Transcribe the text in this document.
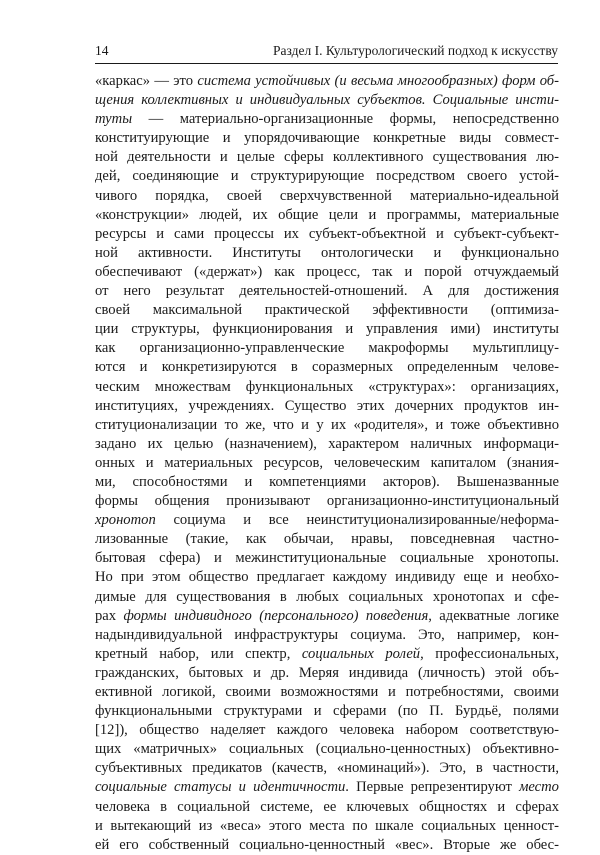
14	Раздел I. Культурологический подход к искусству
«каркас» — это система устойчивых (и весьма многообразных) форм об-
щения коллективных и индивидуальных субъектов. Социальные инсти-
туты — материально-организационные формы, непосредственно
конституирующие и упорядочивающие конкретные виды совмест-
ной деятельности и целые сферы коллективного существования лю-
дей, соединяющие и структурирующие посредством своего устой-
чивого порядка, своей сверхчувственной материально-идеальной
«конструкции» людей, их общие цели и программы, материальные
ресурсы и сами процессы их субъект-объектной и субъект-субъект-
ной активности. Институты онтологически и функционально
обеспечивают («держат») как процесс, так и порой отчуждаемый
от него результат деятельностей-отношений. А для достижения
своей максимальной практической эффективности (оптимиза-
ции структуры, функционирования и управления ими) институты
как организационно-управленческие макроформы мультиплицу-
ются и конкретизируются в соразмерных определенным челове-
ческим множествам функциональных «структурах»: организациях,
институциях, учреждениях. Существо этих дочерних продуктов ин-
ституционализации то же, что и у их «родителя», и тоже объективно
задано их целью (назначением), характером наличных информаци-
онных и материальных ресурсов, человеческим капиталом (знания-
ми, способностями и компетенциями акторов). Вышеназванные
формы общения пронизывают организационно-институциональный
хронотоп социума и все неинституционализированные/неформа-
лизованные (такие, как обычаи, нравы, повседневная частно-
бытовая сфера) и межинституциональные социальные хронотопы.
Но при этом общество предлагает каждому индивиду еще и необхо-
димые для существования в любых социальных хронотопах и сфе-
рах формы индивидного (персонального) поведения, адекватные логике
надындивидуальной инфраструктуры социума. Это, например, кон-
кретный набор, или спектр, социальных ролей, профессиональных,
гражданских, бытовых и др. Меряя индивида (личность) этой объ-
ективной логикой, своими возможностями и потребностями, своими
функциональными структурами и сферами (по П. Бурдьё, полями
[12]), общество наделяет каждого человека набором соответствую-
щих «матричных» социальных (социально-ценностных) объективно-
субъективных предикатов (качеств, «номинаций»). Это, в частности,
социальные статусы и идентичности. Первые репрезентируют место
человека в социальной системе, ее ключевых общностях и сферах
и вытекающий из «веса» этого места по шкале социальных ценност-
ей его собственный социально-ценностный «вес». Вторые же обес-
